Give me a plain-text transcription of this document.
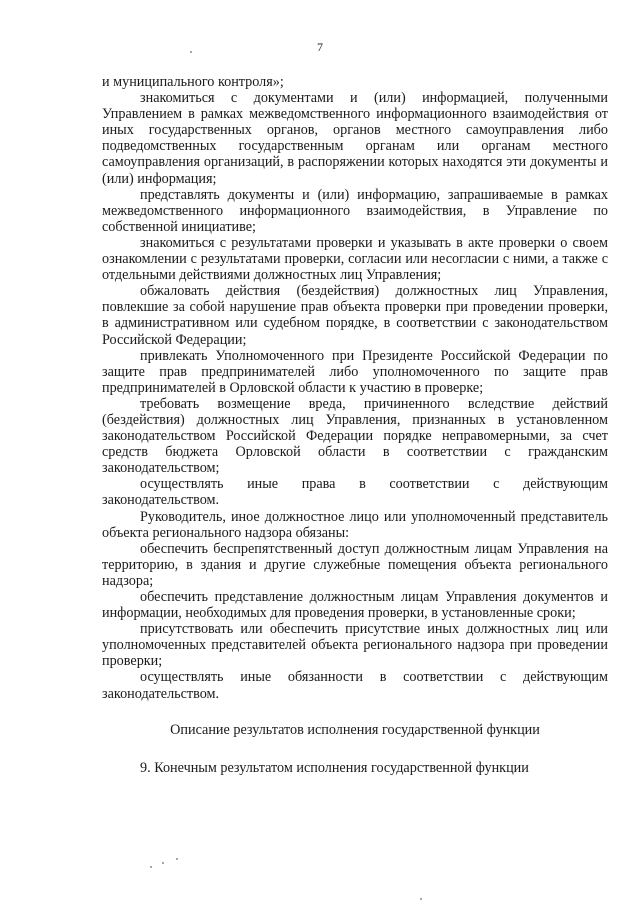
7

и муниципального контроля»;

знакомиться с документами и (или) информацией, полученными Управлением в рамках межведомственного информационного взаимодействия от иных государственных органов, органов местного самоуправления либо подведомственных государственным органам или органам местного самоуправления организаций, в распоряжении которых находятся эти документы и (или) информация;

представлять документы и (или) информацию, запрашиваемые в рамках межведомственного информационного взаимодействия, в Управление по собственной инициативе;

знакомиться с результатами проверки и указывать в акте проверки о своем ознакомлении с результатами проверки, согласии или несогласии с ними, а также с отдельными действиями должностных лиц Управления;

обжаловать действия (бездействия) должностных лиц Управления, повлекшие за собой нарушение прав объекта проверки при проведении проверки, в административном или судебном порядке, в соответствии с законодательством Российской Федерации;

привлекать Уполномоченного при Президенте Российской Федерации по защите прав предпринимателей либо уполномоченного по защите прав предпринимателей в Орловской области к участию в проверке;

требовать возмещение вреда, причиненного вследствие действий (бездействия) должностных лиц Управления, признанных в установленном законодательством Российской Федерации порядке неправомерными, за счет средств бюджета Орловской области в соответствии с гражданским законодательством;

осуществлять иные права в соответствии с действующим законодательством.

Руководитель, иное должностное лицо или уполномоченный представитель объекта регионального надзора обязаны:

обеспечить беспрепятственный доступ должностным лицам Управления на территорию, в здания и другие служебные помещения объекта регионального надзора;

обеспечить представление должностным лицам Управления документов и информации, необходимых для проведения проверки, в установленные сроки;

присутствовать или обеспечить присутствие иных должностных лиц или уполномоченных представителей объекта регионального надзора при проведении проверки;

осуществлять иные обязанности в соответствии с действующим законодательством.

Описание результатов исполнения государственной функции

9. Конечным результатом исполнения государственной функции
